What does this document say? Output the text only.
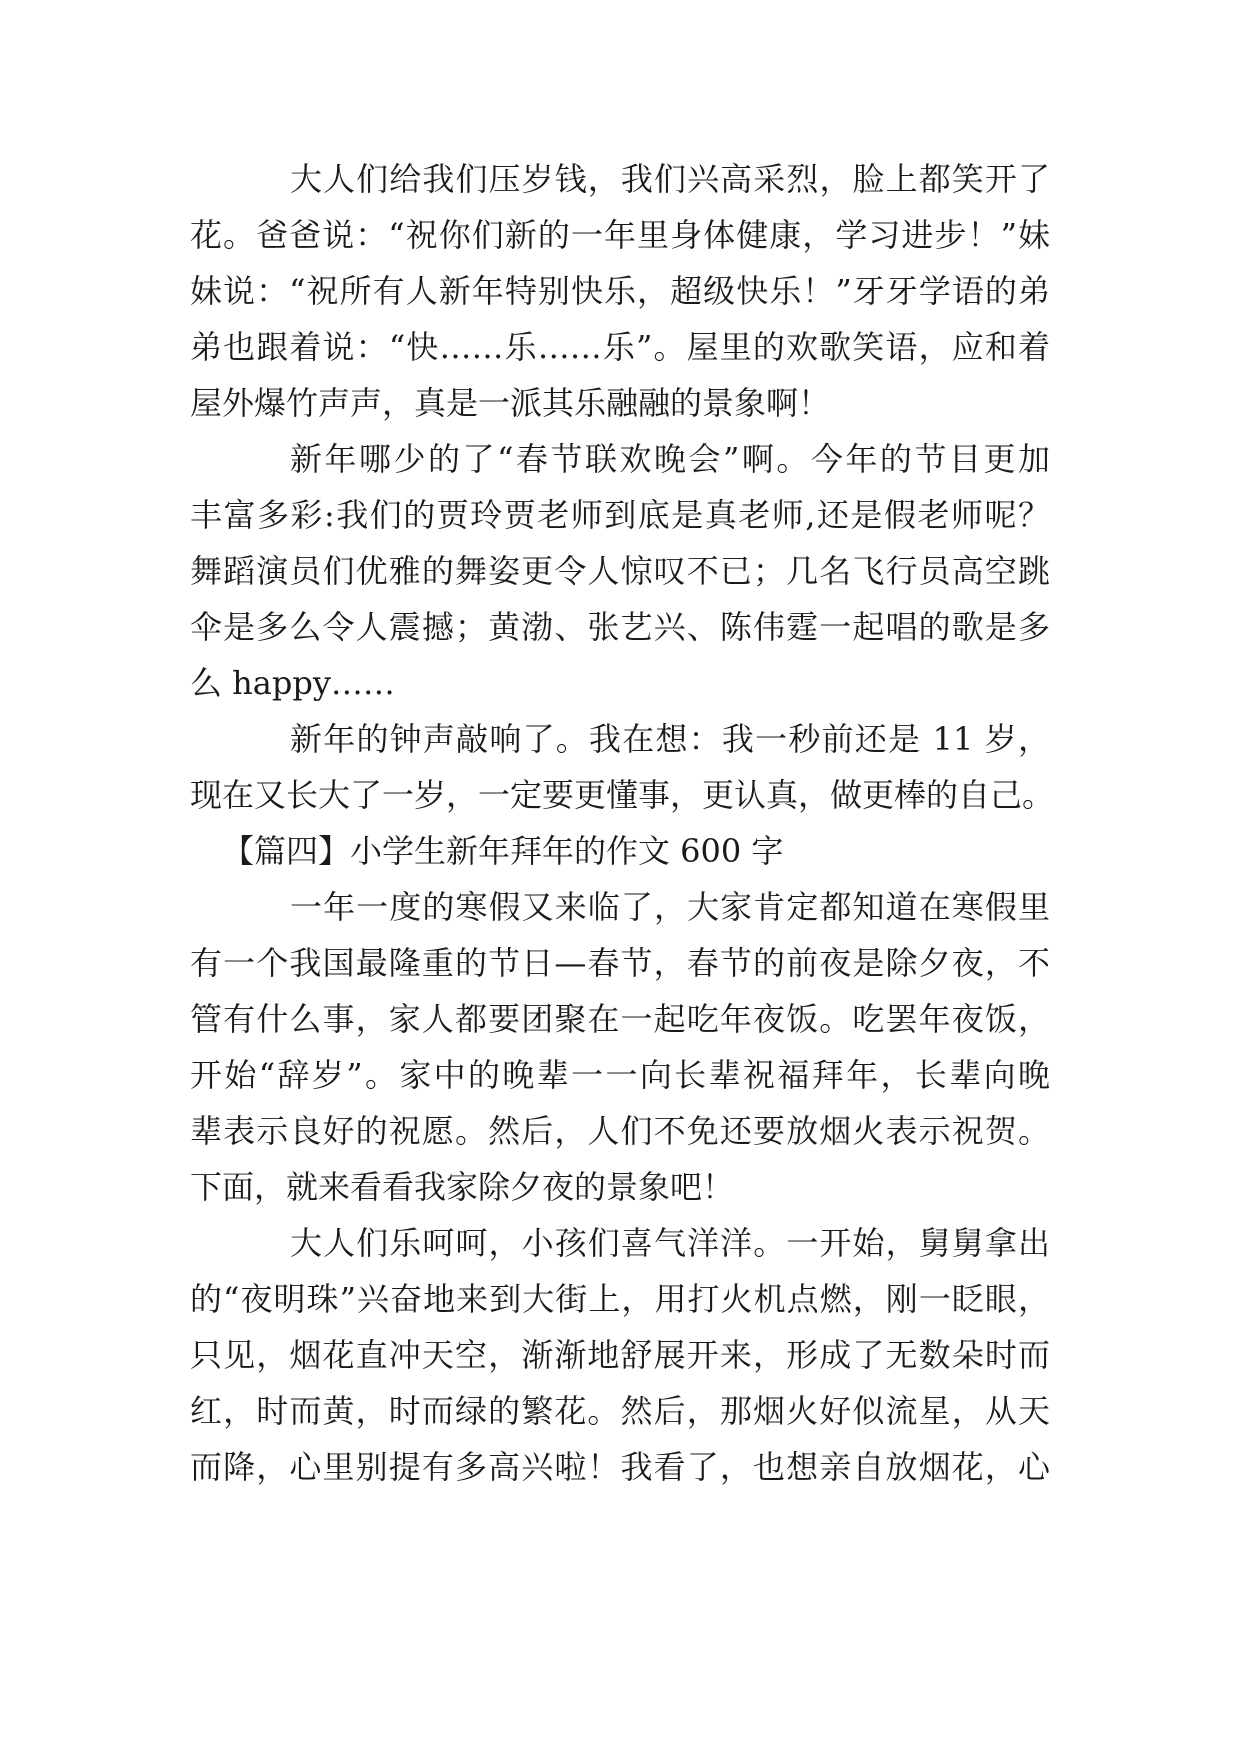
大人们给我们压岁钱，我们兴高采烈，脸上都笑开了
花。爸爸说：“祝你们新的一年里身体健康，学习进步！”妹
妹说：“祝所有人新年特别快乐，超级快乐！”牙牙学语的弟
弟也跟着说：“快……乐……乐”。屋里的欢歌笑语，应和着
屋外爆竹声声，真是一派其乐融融的景象啊！
新年哪少的了“春节联欢晚会”啊。今年的节目更加
丰富多彩:我们的贾玲贾老师到底是真老师,还是假老师呢？
舞蹈演员们优雅的舞姿更令人惊叹不已；几名飞行员高空跳
伞是多么令人震撼；黄渤、张艺兴、陈伟霆一起唱的歌是多
么 happy……
新年的钟声敲响了。我在想：我一秒前还是 11 岁，
现在又长大了一岁，一定要更懂事，更认真，做更棒的自己。
【篇四】小学生新年拜年的作文 600 字
一年一度的寒假又来临了，大家肯定都知道在寒假里
有一个我国最隆重的节日—春节，春节的前夜是除夕夜，不
管有什么事，家人都要团聚在一起吃年夜饭。吃罢年夜饭，
开始“辞岁”。家中的晚辈一一向长辈祝福拜年，长辈向晚
辈表示良好的祝愿。然后，人们不免还要放烟火表示祝贺。
下面，就来看看我家除夕夜的景象吧！
大人们乐呵呵，小孩们喜气洋洋。一开始，舅舅拿出
的“夜明珠”兴奋地来到大街上，用打火机点燃，刚一眨眼，
只见，烟花直冲天空，渐渐地舒展开来，形成了无数朵时而
红，时而黄，时而绿的繁花。然后，那烟火好似流星，从天
而降，心里别提有多高兴啦！我看了，也想亲自放烟花，心
